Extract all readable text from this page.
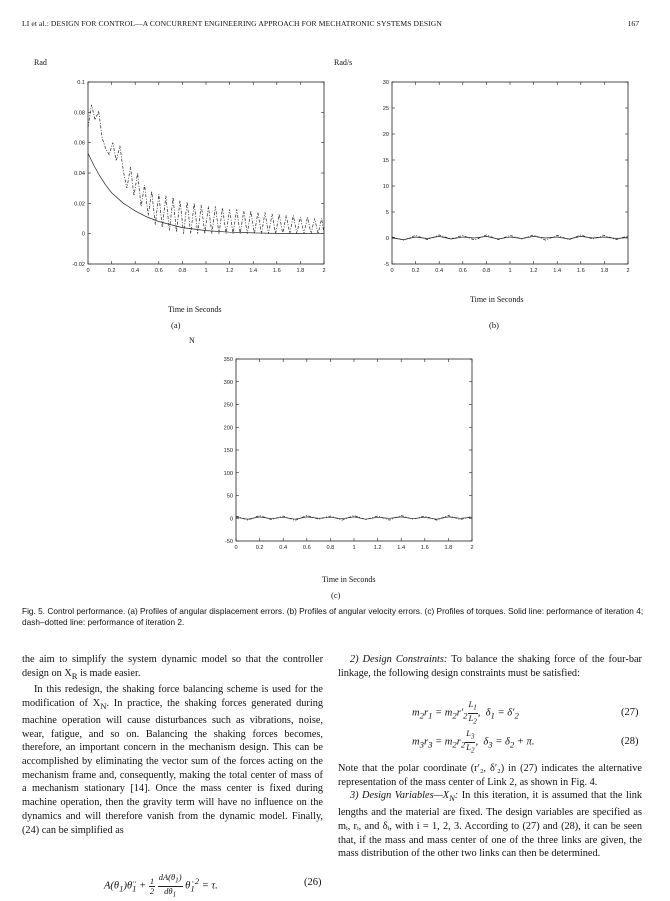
LI et al.: DESIGN FOR CONTROL—A CONCURRENT ENGINEERING APPROACH FOR MECHATRONIC SYSTEMS DESIGN	167
Rad
0	0.2	0.4	0.6	0.8	1	1.2	1.4	1.6	1.8	2
-0.02
0
0.02
0.04
0.06
0.08
0.1
Time in Seconds
(a)
Rad/s
0	0.2	0.4	0.6	0.8	1	1.2	1.4	1.6	1.8	2
-5
0
5
10
15
20
25
30
Time in Seconds
(b)
N
0	0.2	0.4	0.6	0.8	1	1.2	1.4	1.6	1.8	2
-50
0
50
100
150
200
250
300
350
Time in Seconds
(c)
Fig. 5. Control performance. (a) Profiles of angular displacement errors. (b) Profiles of angular velocity errors. (c) Profiles of torques. Solid line: performance of iteration 4; dash–dotted line: performance of iteration 2.

the aim to simplify the system dynamic model so that the controller design on $X_R$ is made easier.

In this redesign, the shaking force balancing scheme is used for the modification of $X_N$. In practice, the shaking forces generated during machine operation will cause disturbances such as vibrations, noise, wear, fatigue, and so on. Balancing the shaking forces becomes, therefore, an important concern in the mechanism design. This can be accomplished by eliminating the vector sum of the forces acting on the mechanism frame and, consequently, making the total center of mass of a mechanism stationary [14]. Once the mass center is fixed during machine operation, then the gravity term will have no influence on the dynamics and will therefore vanish from the dynamic model. Finally, (24) can be simplified as

$A(\theta_1)\thetä_1 + \frac{1}{2}$
$\frac{dA(\theta_1)}{d\theta_1}$ $\thetȧ_1^2 = \tau$.	(26)

2) Design Constraints: To balance the shaking force of the four-bar linkage, the following design constraints must be satisfied:

$m_2r_1 = m_2r'_2 \frac{L_1}{L_2}$ ,  $\delta_1 = \delta'_2$	(27)
$m_3r_3 = m_2r_2 \frac{L_3}{L_2}$ ,  $\delta_3 = \delta_2 + \pi$.	(28)

Note that the polar coordinate (r′₂, δ′₂) in (27) indicates the alternative representation of the mass center of Link 2, as shown in Fig. 4.

3) Design $Variables—X_N$: In this iteration, it is assumed that the link lengths and the material are fixed. The design variables are specified as mᵢ, rᵢ, and δᵢ, with i = 1, 2, 3. According to (27) and (28), it can be seen that, if the mass and mass center of one of the three links are given, the mass distribution of the other two links can then be determined.
